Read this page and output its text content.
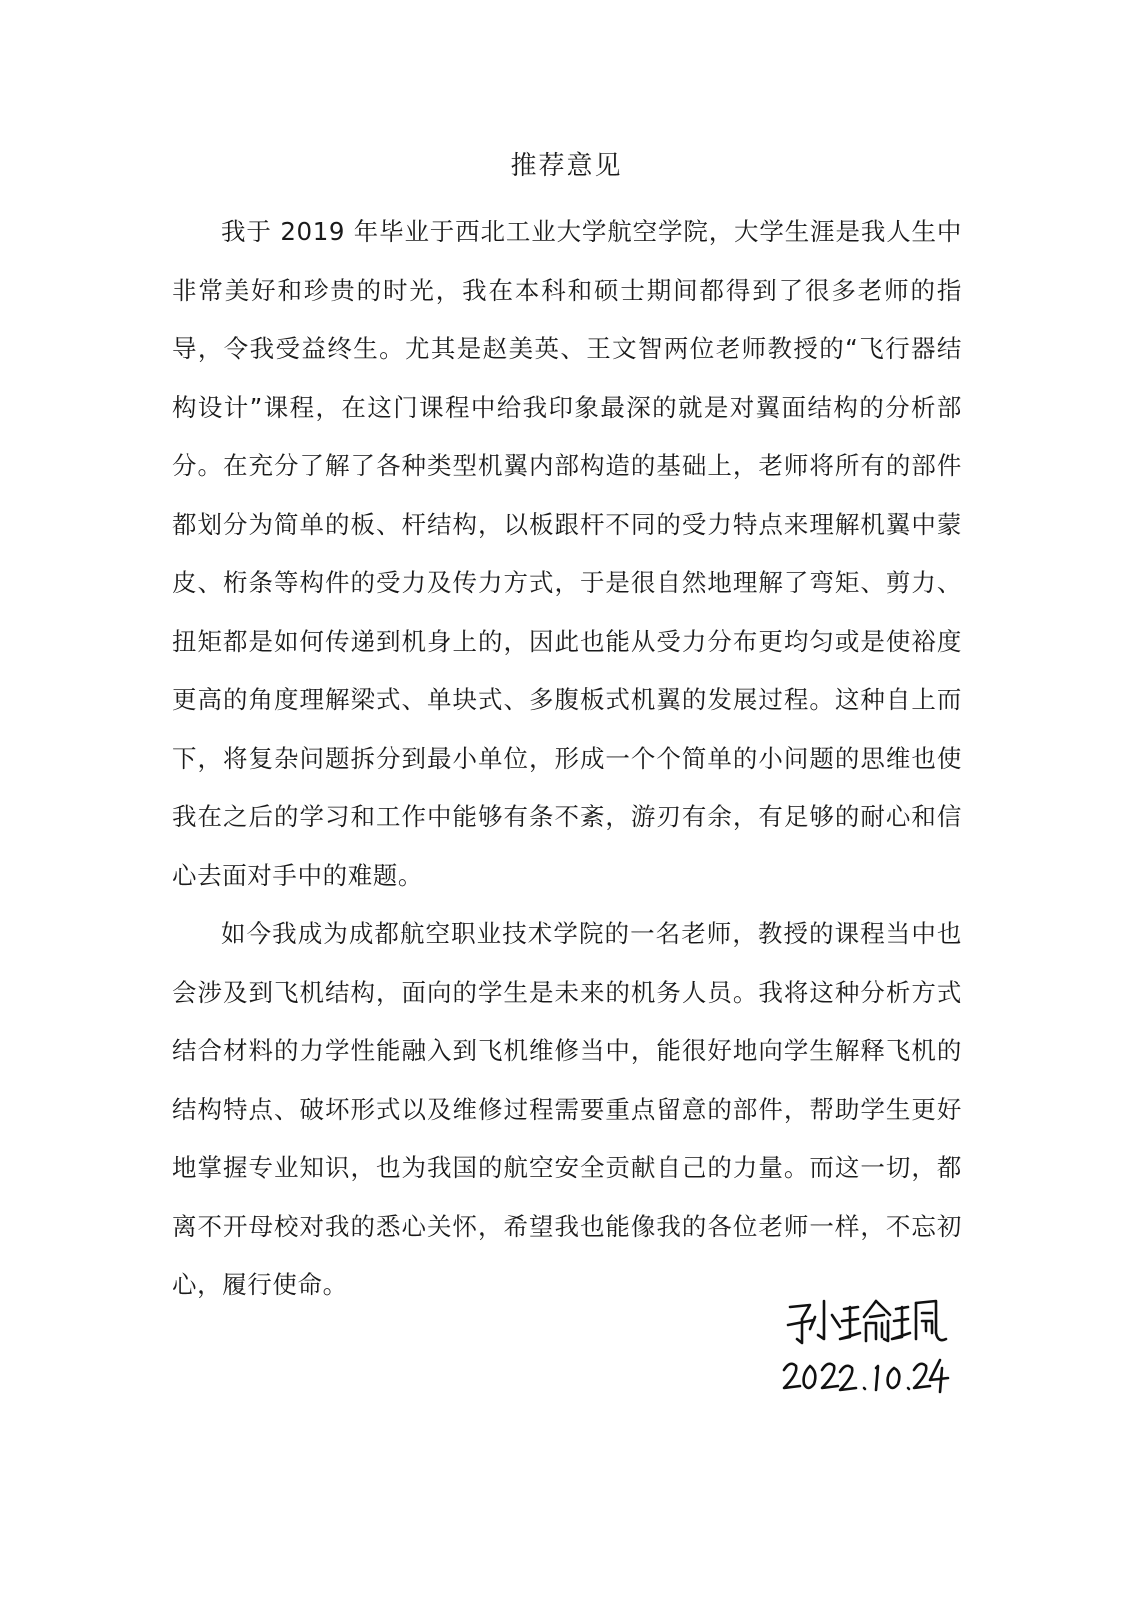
推荐意见

我于 2019 年毕业于西北工业大学航空学院，大学生涯是我人生中非常美好和珍贵的时光，我在本科和硕士期间都得到了很多老师的指导，令我受益终生。尤其是赵美英、王文智两位老师教授的“飞行器结构设计”课程，在这门课程中给我印象最深的就是对翼面结构的分析部分。在充分了解了各种类型机翼内部构造的基础上，老师将所有的部件都划分为简单的板、杆结构，以板跟杆不同的受力特点来理解机翼中蒙皮、桁条等构件的受力及传力方式，于是很自然地理解了弯矩、剪力、扭矩都是如何传递到机身上的，因此也能从受力分布更均匀或是使裕度更高的角度理解梁式、单块式、多腹板式机翼的发展过程。这种自上而下，将复杂问题拆分到最小单位，形成一个个简单的小问题的思维也使我在之后的学习和工作中能够有条不紊，游刃有余，有足够的耐心和信心去面对手中的难题。

如今我成为成都航空职业技术学院的一名老师，教授的课程当中也会涉及到飞机结构，面向的学生是未来的机务人员。我将这种分析方式结合材料的力学性能融入到飞机维修当中，能很好地向学生解释飞机的结构特点、破坏形式以及维修过程需要重点留意的部件，帮助学生更好地掌握专业知识，也为我国的航空安全贡献自己的力量。而这一切，都离不开母校对我的悉心关怀，希望我也能像我的各位老师一样，不忘初心，履行使命。
